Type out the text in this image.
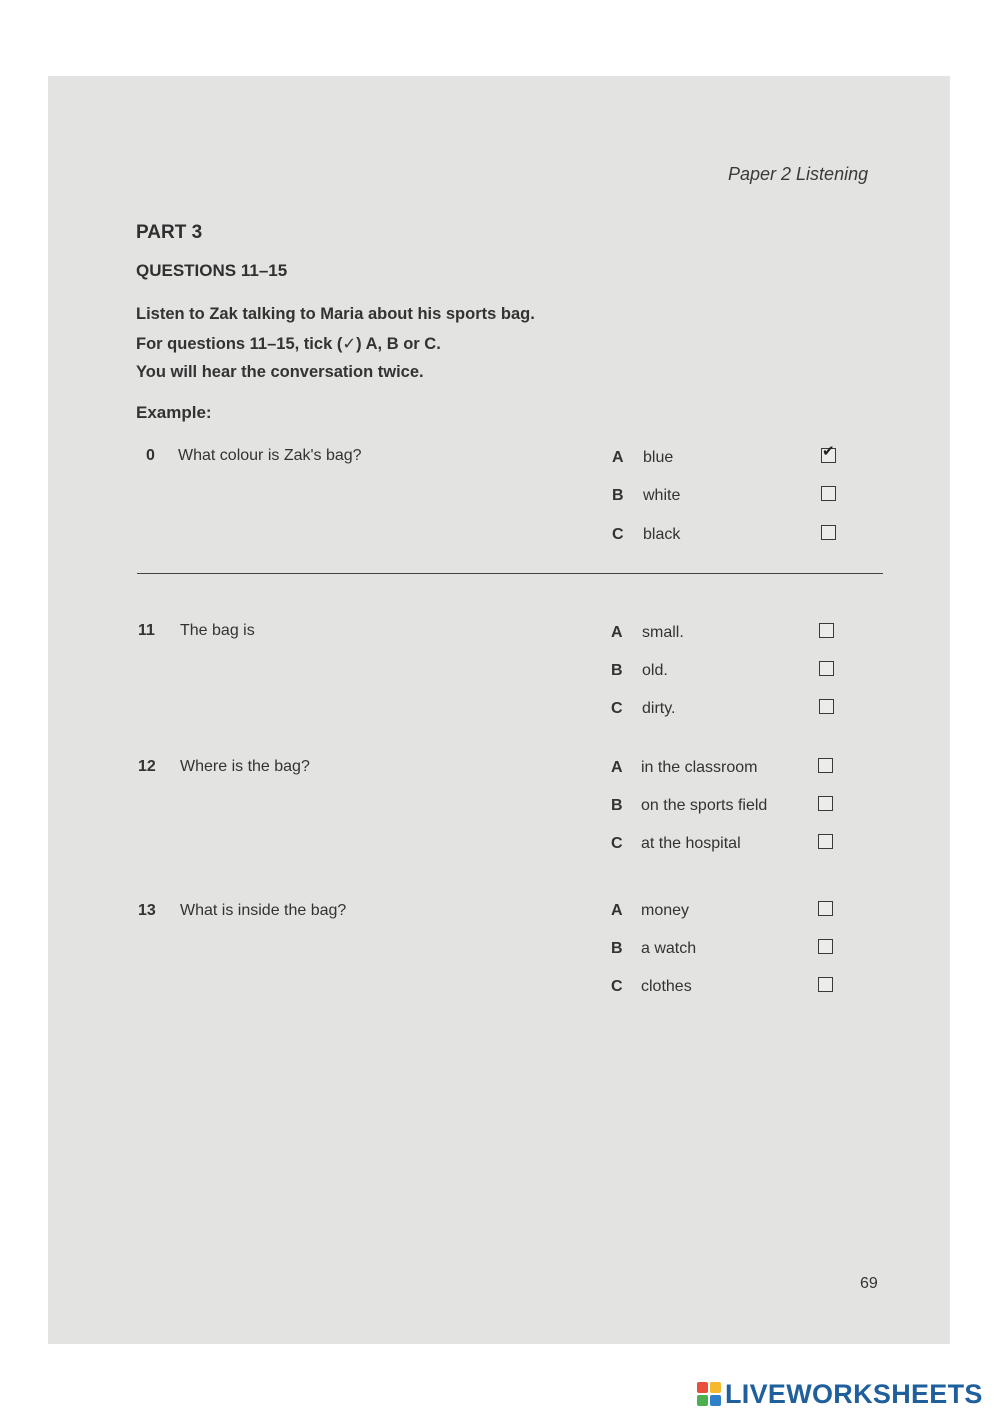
Paper 2 Listening
PART 3
QUESTIONS 11–15
Listen to Zak talking to Maria about his sports bag.
For questions 11–15, tick (✓) A, B or C.
You will hear the conversation twice.
Example:
0 What colour is Zak's bag?	A blue	✔
B white
C black
11 The bag is	A small.
B old.
C dirty.
12 Where is the bag?	A in the classroom
B on the sports field
C at the hospital
13 What is inside the bag?	A money
B a watch
C clothes
69
LIVEWORKSHEETS
